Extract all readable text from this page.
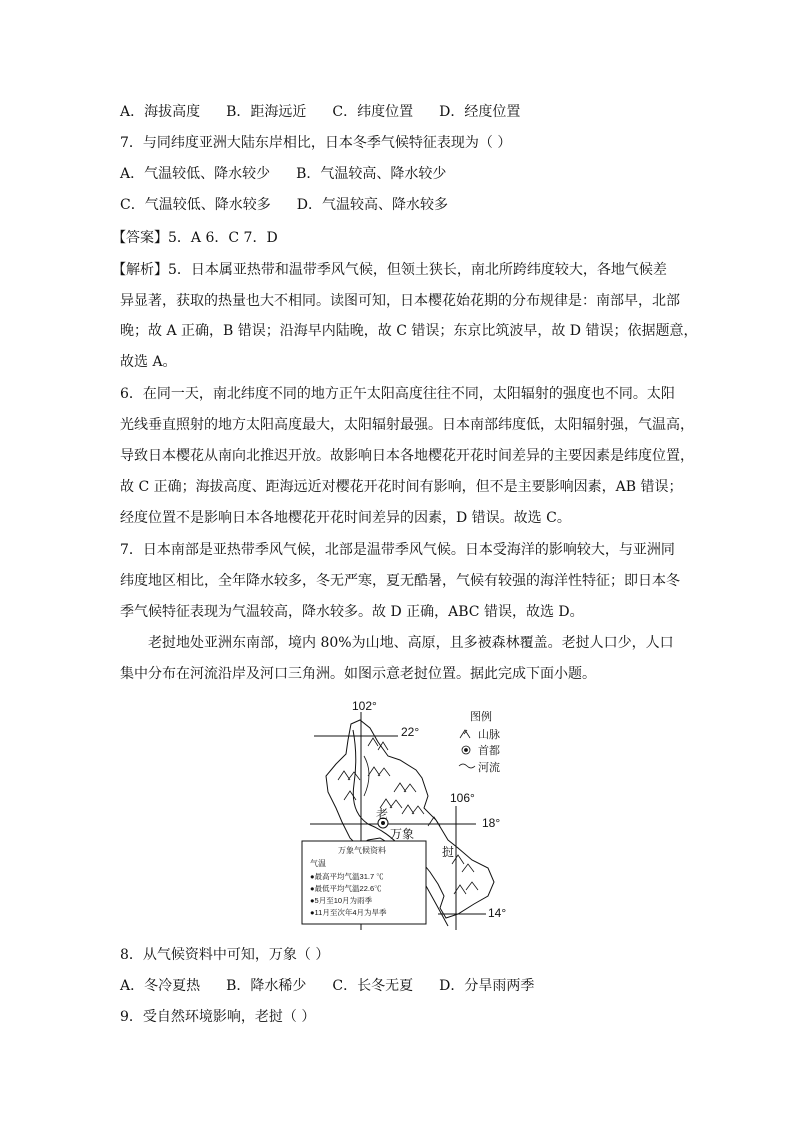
A．海拔高度 B．距海远近 C．纬度位置 D．经度位置
7．与同纬度亚洲大陆东岸相比，日本冬季气候特征表现为（ ）
A．气温较低、降水较少 B．气温较高、降水较少
C．气温较低、降水较多 D．气温较高、降水较多
【答案】5．A 6．C 7．D
【解析】5．日本属亚热带和温带季风气候，但领土狭长，南北所跨纬度较大，各地气候差
异显著，获取的热量也大不相同。读图可知，日本樱花始花期的分布规律是：南部早，北部
晚；故 A 正确，B 错误；沿海早内陆晚，故 C 错误；东京比筑波早，故 D 错误；依据题意，
故选 A。
6．在同一天，南北纬度不同的地方正午太阳高度往往不同，太阳辐射的强度也不同。太阳
光线垂直照射的地方太阳高度最大，太阳辐射最强。日本南部纬度低，太阳辐射强，气温高，
导致日本樱花从南向北推迟开放。故影响日本各地樱花开花时间差异的主要因素是纬度位置，
故 C 正确；海拔高度、距海远近对樱花开花时间有影响，但不是主要影响因素，AB 错误；
经度位置不是影响日本各地樱花开花时间差异的因素，D 错误。故选 C。
7．日本南部是亚热带季风气候，北部是温带季风气候。日本受海洋的影响较大，与亚洲同
纬度地区相比，全年降水较多，冬无严寒，夏无酷暑，气候有较强的海洋性特征；即日本冬
季气候特征表现为气温较高，降水较多。故 D 正确，ABC 错误，故选 D。
老挝地处亚洲东南部，境内 80%为山地、高原，且多被森林覆盖。老挝人口少，人口
集中分布在河流沿岸及河口三角洲。如图示意老挝位置。据此完成下面小题。
102°
22°
106°
18°
14°
老
挝
万象
图例
山脉
首都
河流
万象气候资料
气温
●最高平均气温31.7 ℃
●最低平均气温22.6℃
●5月至10月为雨季
●11月至次年4月为旱季
8．从气候资料中可知，万象（ ）
A．冬冷夏热 B．降水稀少 C．长冬无夏 D．分旱雨两季
9．受自然环境影响，老挝（ ）
